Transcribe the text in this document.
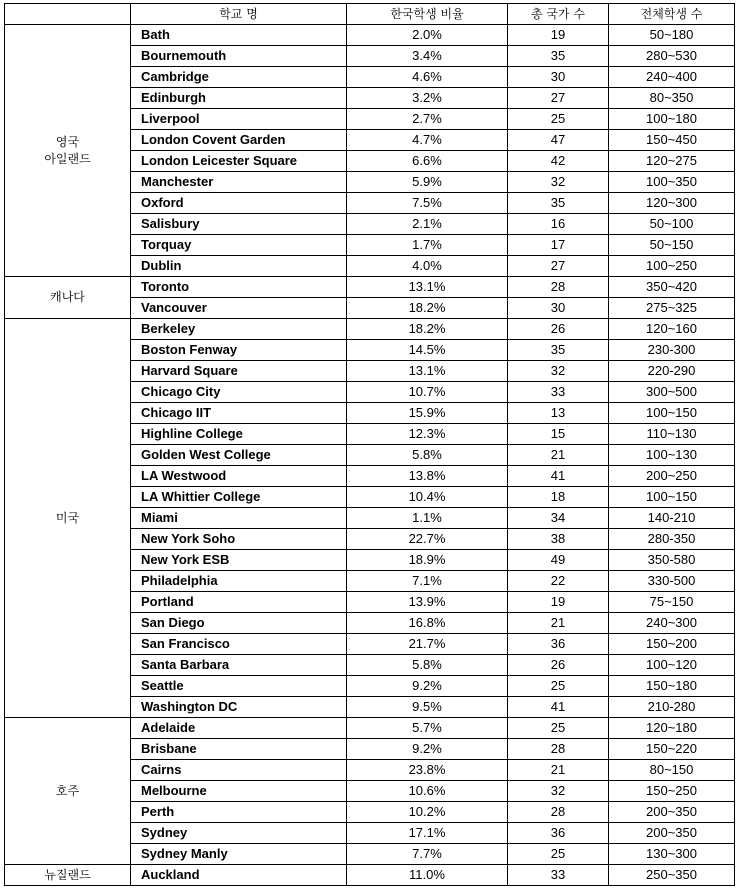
	학교 명	한국학생 비율	총 국가 수	전체학생 수
영국
아일랜드	Bath	2.0%	19	50~180
	Bournemouth	3.4%	35	280~530
	Cambridge	4.6%	30	240~400
	Edinburgh	3.2%	27	80~350
	Liverpool	2.7%	25	100~180
	London Covent Garden	4.7%	47	150~450
	London Leicester Square	6.6%	42	120~275
	Manchester	5.9%	32	100~350
	Oxford	7.5%	35	120~300
	Salisbury	2.1%	16	50~100
	Torquay	1.7%	17	50~150
	Dublin	4.0%	27	100~250
캐나다	Toronto	13.1%	28	350~420
	Vancouver	18.2%	30	275~325
미국	Berkeley	18.2%	26	120~160
	Boston Fenway	14.5%	35	230-300
	Harvard Square	13.1%	32	220-290
	Chicago City	10.7%	33	300~500
	Chicago IIT	15.9%	13	100~150
	Highline College	12.3%	15	110~130
	Golden West College	5.8%	21	100~130
	LA Westwood	13.8%	41	200~250
	LA Whittier College	10.4%	18	100~150
	Miami	1.1%	34	140-210
	New York Soho	22.7%	38	280-350
	New York ESB	18.9%	49	350-580
	Philadelphia	7.1%	22	330-500
	Portland	13.9%	19	75~150
	San Diego	16.8%	21	240~300
	San Francisco	21.7%	36	150~200
	Santa Barbara	5.8%	26	100~120
	Seattle	9.2%	25	150~180
	Washington DC	9.5%	41	210-280
호주	Adelaide	5.7%	25	120~180
	Brisbane	9.2%	28	150~220
	Cairns	23.8%	21	80~150
	Melbourne	10.6%	32	150~250
	Perth	10.2%	28	200~350
	Sydney	17.1%	36	200~350
	Sydney Manly	7.7%	25	130~300
뉴질랜드	Auckland	11.0%	33	250~350
